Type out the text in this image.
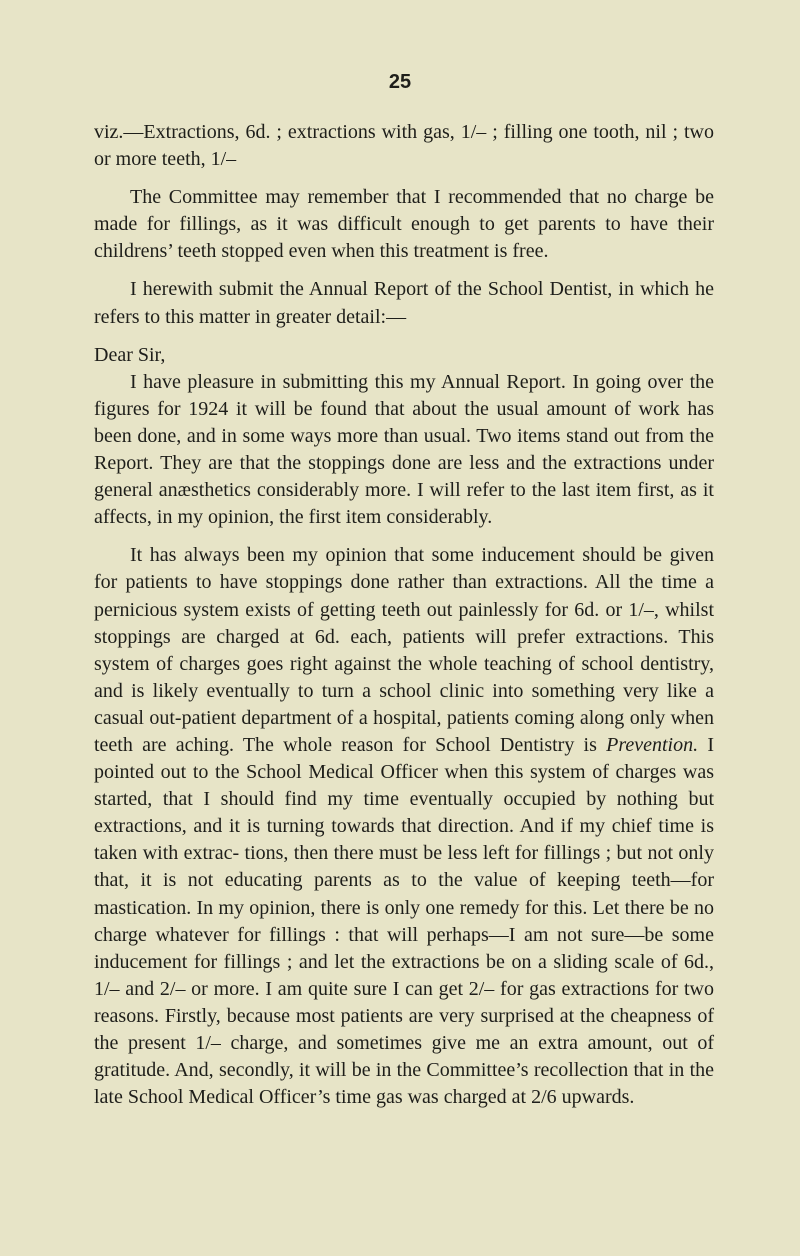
25

viz.—Extractions, 6d. ; extractions with gas, 1/– ; filling one tooth, nil ; two or more teeth, 1/–

The Committee may remember that I recommended that no charge be made for fillings, as it was difficult enough to get parents to have their childrens’ teeth stopped even when this treatment is free.

I herewith submit the Annual Report of the School Dentist, in which he refers to this matter in greater detail:—

Dear Sir,

I have pleasure in submitting this my Annual Report. In going over the figures for 1924 it will be found that about the usual amount of work has been done, and in some ways more than usual. Two items stand out from the Report. They are that the stoppings done are less and the extractions under general anæsthetics considerably more. I will refer to the last item first, as it affects, in my opinion, the first item considerably.

It has always been my opinion that some inducement should be given for patients to have stoppings done rather than extractions. All the time a pernicious system exists of getting teeth out painlessly for 6d. or 1/–, whilst stoppings are charged at 6d. each, patients will prefer extractions. This system of charges goes right against the whole teaching of school dentistry, and is likely eventually to turn a school clinic into something very like a casual out-patient department of a hospital, patients coming along only when teeth are aching. The whole reason for School Dentistry is Prevention. I pointed out to the School Medical Officer when this system of charges was started, that I should find my time eventually occupied by nothing but extractions, and it is turning towards that direction. And if my chief time is taken with extrac- tions, then there must be less left for fillings ; but not only that, it is not educating parents as to the value of keeping teeth—for mastication. In my opinion, there is only one remedy for this. Let there be no charge whatever for fillings : that will perhaps—I am not sure—be some inducement for fillings ; and let the extractions be on a sliding scale of 6d., 1/– and 2/– or more. I am quite sure I can get 2/– for gas extractions for two reasons. Firstly, because most patients are very surprised at the cheapness of the present 1/– charge, and sometimes give me an extra amount, out of gratitude. And, secondly, it will be in the Committee’s recollection that in the late School Medical Officer’s time gas was charged at 2/6 upwards.
